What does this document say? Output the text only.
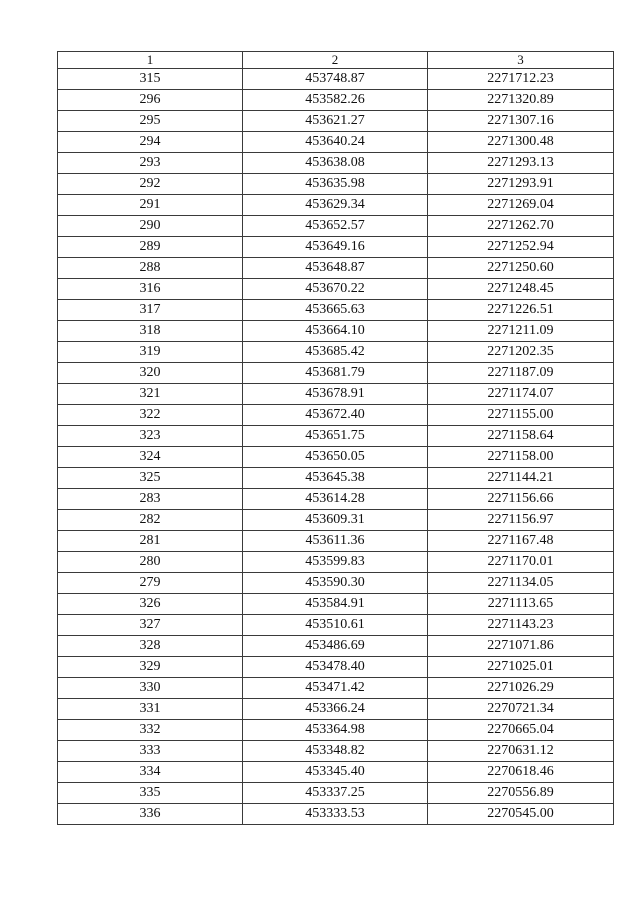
1	2	3
315	453748.87	2271712.23
296	453582.26	2271320.89
295	453621.27	2271307.16
294	453640.24	2271300.48
293	453638.08	2271293.13
292	453635.98	2271293.91
291	453629.34	2271269.04
290	453652.57	2271262.70
289	453649.16	2271252.94
288	453648.87	2271250.60
316	453670.22	2271248.45
317	453665.63	2271226.51
318	453664.10	2271211.09
319	453685.42	2271202.35
320	453681.79	2271187.09
321	453678.91	2271174.07
322	453672.40	2271155.00
323	453651.75	2271158.64
324	453650.05	2271158.00
325	453645.38	2271144.21
283	453614.28	2271156.66
282	453609.31	2271156.97
281	453611.36	2271167.48
280	453599.83	2271170.01
279	453590.30	2271134.05
326	453584.91	2271113.65
327	453510.61	2271143.23
328	453486.69	2271071.86
329	453478.40	2271025.01
330	453471.42	2271026.29
331	453366.24	2270721.34
332	453364.98	2270665.04
333	453348.82	2270631.12
334	453345.40	2270618.46
335	453337.25	2270556.89
336	453333.53	2270545.00
